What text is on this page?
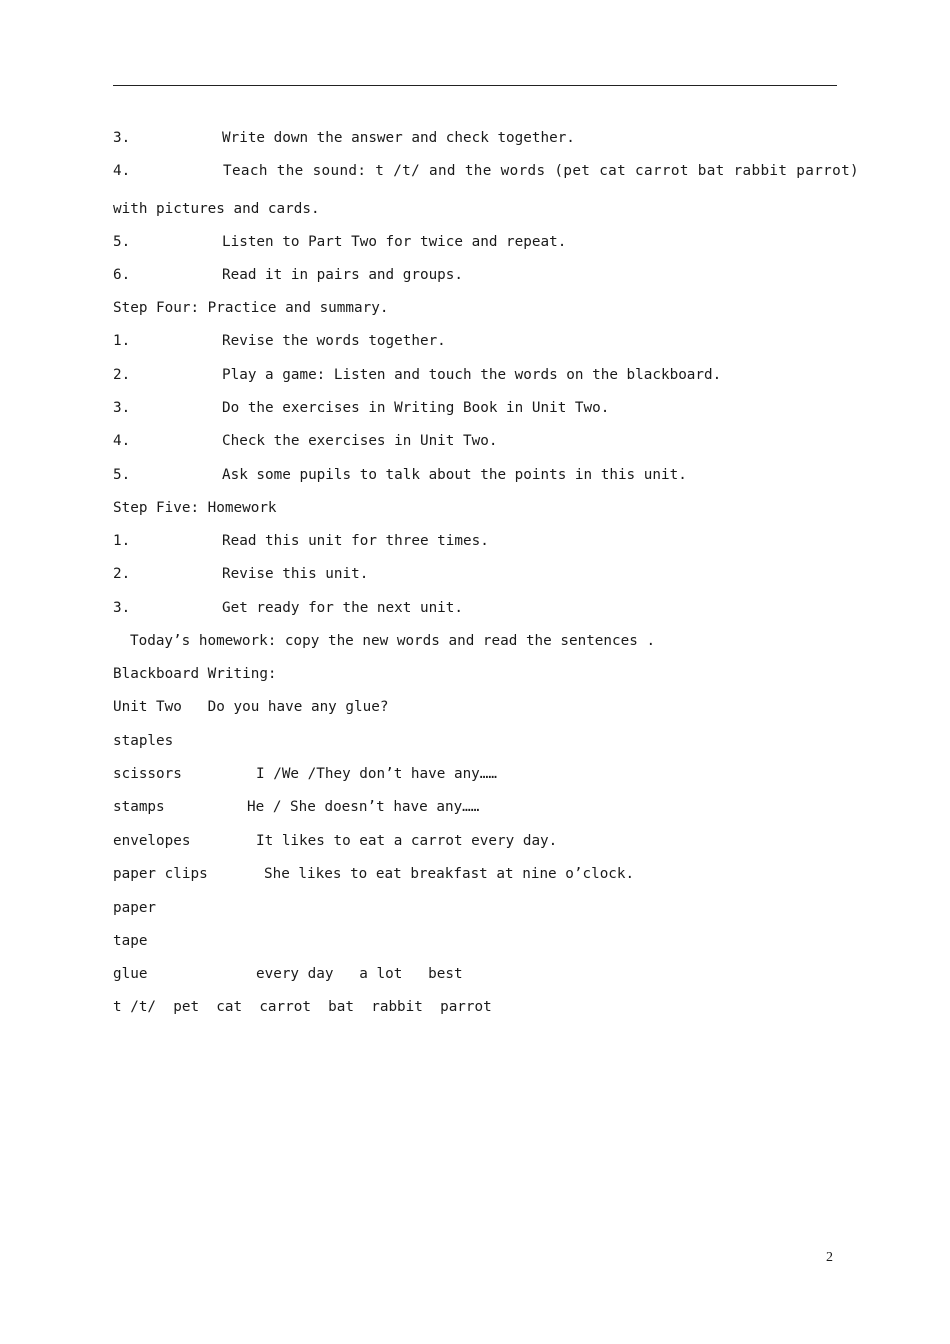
3.

	Write down the answer and check together.

4.

	Teach the sound: t /t/ and the words (pet cat carrot bat rabbit parrot)

with pictures and cards.

5.

	Listen to Part Two for twice and repeat.

6.

	Read it in pairs and groups.

Step Four: Practice and summary.

1.

	Revise the words together.

2.

	Play a game: Listen and touch the words on the blackboard.

3.

	Do the exercises in Writing Book in Unit Two.

4.

	Check the exercises in Unit Two.

5.

	Ask some pupils to talk about the points in this unit.

Step Five: Homework

1.

	Read this unit for three times.

2.

	Revise this unit.

3.

	Get ready for the next unit.

Today’s homework: copy the new words and read the sentences .
Blackboard Writing:
Unit Two   Do you have any glue?

staples

scissors

	I /We /They don’t have any……

stamps

	He / She doesn’t have any……

envelopes

	It likes to eat a carrot every day.

paper clips

	She likes to eat breakfast at nine o’clock.

paper

tape

glue

	every day   a lot   best

t /t/  pet  cat  carrot  bat  rabbit  parrot
2
